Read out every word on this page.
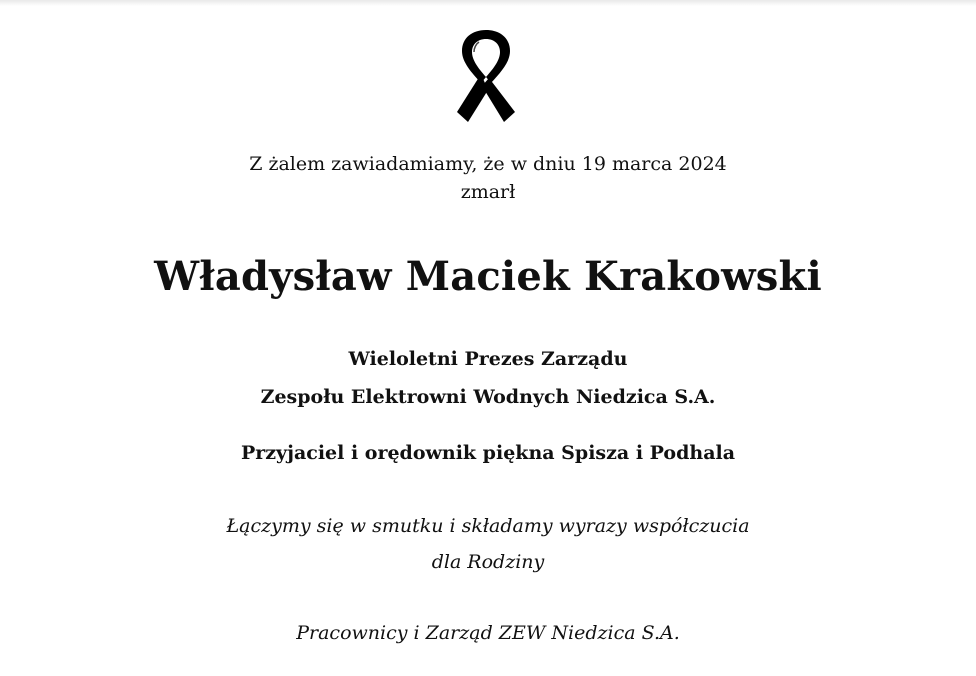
Z żalem zawiadamiamy, że w dniu 19 marca 2024
zmarł
Władysław Maciek Krakowski
Wieloletni Prezes Zarządu
Zespołu Elektrowni Wodnych Niedzica S.A.
Przyjaciel i orędownik piękna Spisza i Podhala
Łączymy się w smutku i składamy wyrazy współczucia
dla Rodziny
Pracownicy i Zarząd ZEW Niedzica S.A.
